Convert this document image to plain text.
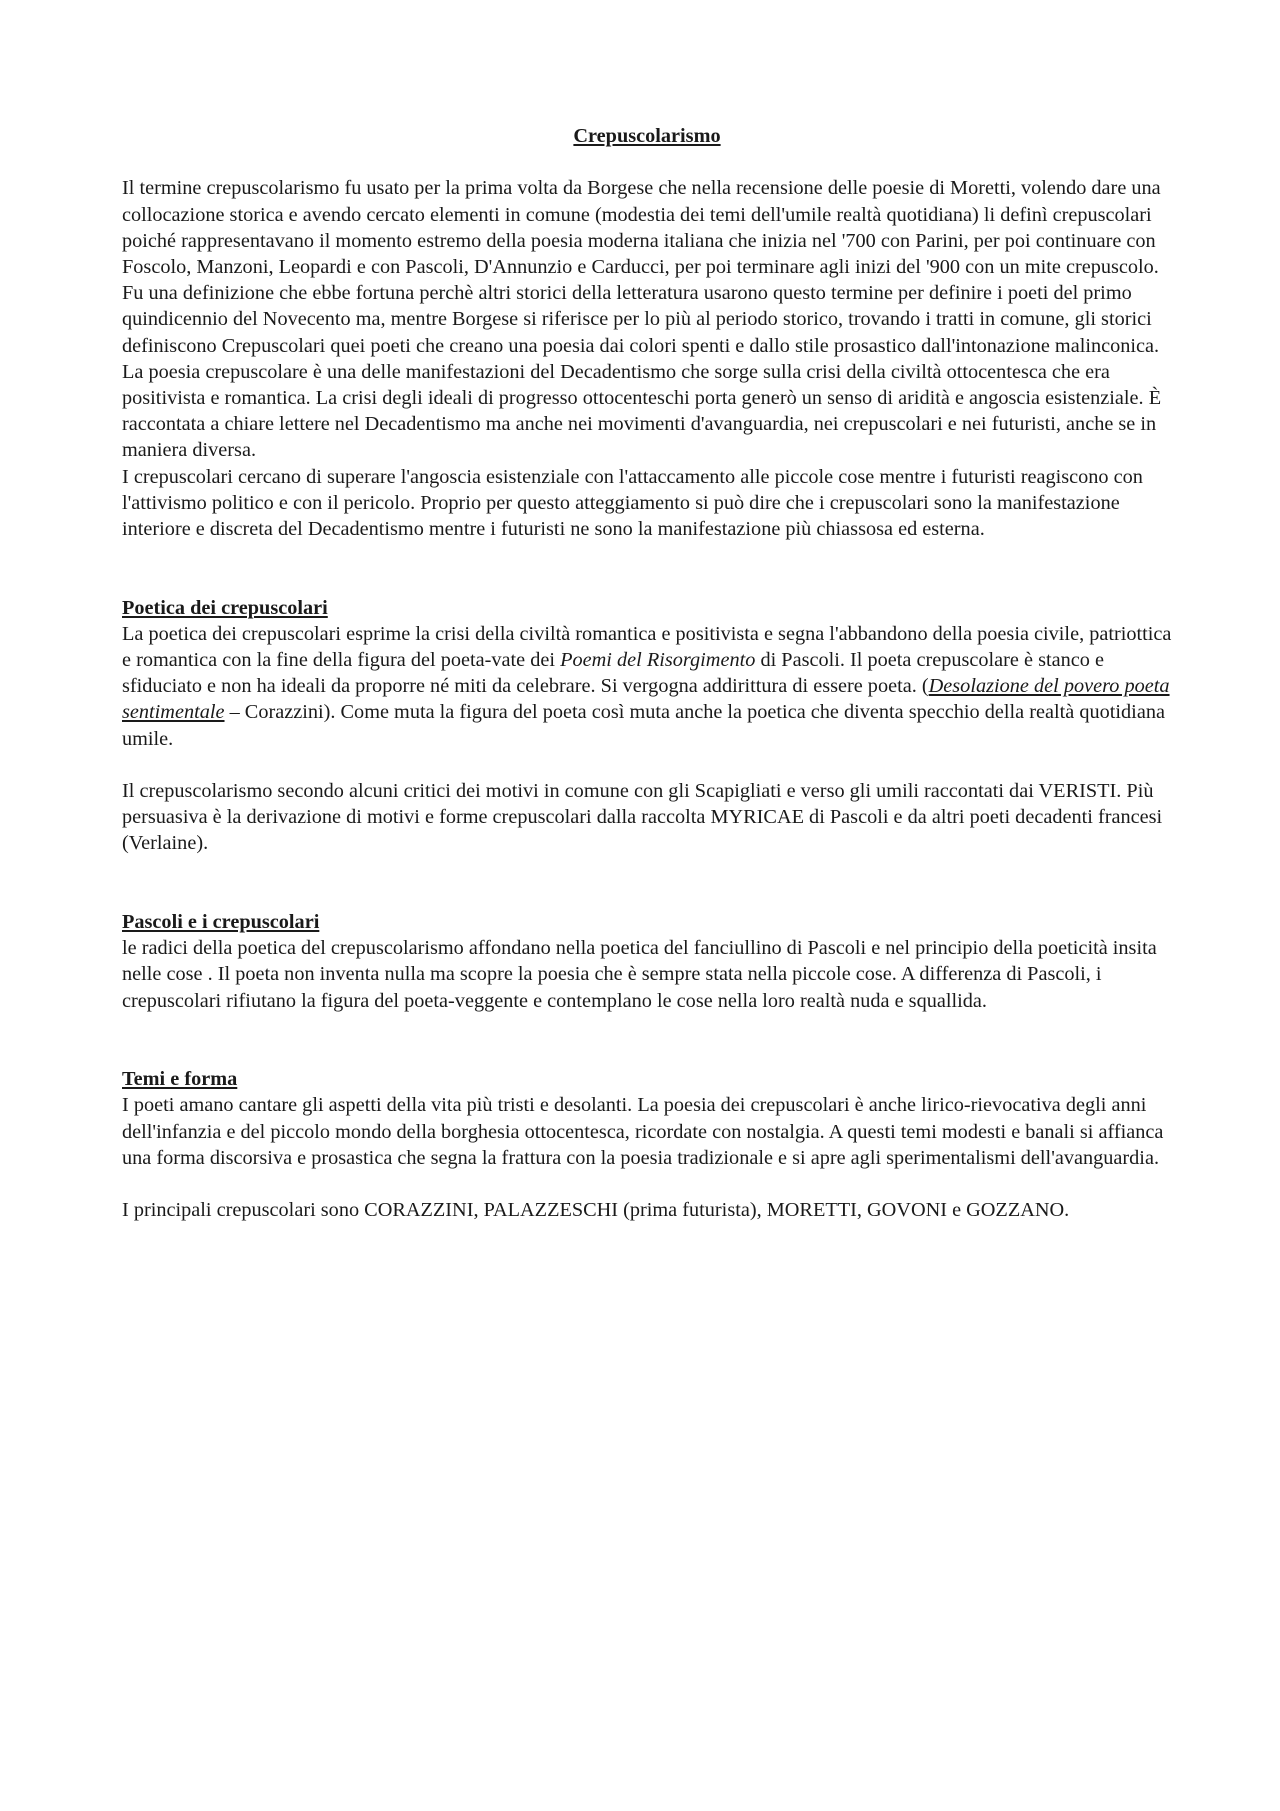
Crepuscolarismo

Il termine crepuscolarismo fu usato per la prima volta da Borgese che nella recensione delle poesie di Moretti, volendo dare una collocazione storica e avendo cercato elementi in comune (modestia dei temi dell'umile realtà quotidiana) li definì crepuscolari poiché rappresentavano il momento estremo della poesia moderna italiana che inizia nel '700 con Parini, per poi continuare con Foscolo, Manzoni, Leopardi e con Pascoli, D'Annunzio e Carducci, per poi terminare agli inizi del '900 con un mite crepuscolo. Fu una definizione che ebbe fortuna perchè altri storici della letteratura usarono questo termine per definire i poeti del primo quindicennio del Novecento ma, mentre Borgese si riferisce per lo più al periodo storico, trovando i tratti in comune, gli storici definiscono Crepuscolari quei poeti che creano una poesia dai colori spenti e dallo stile prosastico dall'intonazione malinconica. La poesia crepuscolare è una delle manifestazioni del Decadentismo che sorge sulla crisi della civiltà ottocentesca che era positivista e romantica. La crisi degli ideali di progresso ottocenteschi porta generò un senso di aridità e angoscia esistenziale. È raccontata a chiare lettere nel Decadentismo ma anche nei movimenti d'avanguardia, nei crepuscolari e nei futuristi, anche se in maniera diversa.

I crepuscolari cercano di superare l'angoscia esistenziale con l'attaccamento alle piccole cose mentre i futuristi reagiscono con l'attivismo politico e con il pericolo. Proprio per questo atteggiamento si può dire che i crepuscolari sono la manifestazione interiore e discreta del Decadentismo mentre i futuristi ne sono la manifestazione più chiassosa ed esterna.

Poetica dei crepuscolari

La poetica dei crepuscolari esprime la crisi della civiltà romantica e positivista e segna l'abbandono della poesia civile, patriottica e romantica con la fine della figura del poeta-vate dei Poemi del Risorgimento di Pascoli. Il poeta crepuscolare è stanco e sfiduciato e non ha ideali da proporre né miti da celebrare. Si vergogna addirittura di essere poeta. (Desolazione del povero poeta sentimentale – Corazzini). Come muta la figura del poeta così muta anche la poetica che diventa specchio della realtà quotidiana umile.

Il crepuscolarismo secondo alcuni critici dei motivi in comune con gli Scapigliati e verso gli umili raccontati dai VERISTI. Più persuasiva è la derivazione di motivi e forme crepuscolari dalla raccolta MYRICAE di Pascoli e da altri poeti decadenti francesi (Verlaine).

Pascoli e i crepuscolari

le radici della poetica del crepuscolarismo affondano nella poetica del fanciullino di Pascoli e nel principio della poeticità insita nelle cose . Il poeta non inventa nulla ma scopre la poesia che è sempre stata nella piccole cose. A differenza di Pascoli, i crepuscolari rifiutano la figura del poeta-veggente e contemplano le cose nella loro realtà nuda e squallida.

Temi e forma

I poeti amano cantare gli aspetti della vita più tristi e desolanti. La poesia dei crepuscolari è anche lirico-rievocativa degli anni dell'infanzia e del piccolo mondo della borghesia ottocentesca, ricordate con nostalgia. A questi temi modesti e banali si affianca una forma discorsiva e prosastica che segna la frattura con la poesia tradizionale e si apre agli sperimentalismi dell'avanguardia.

I principali crepuscolari sono CORAZZINI, PALAZZESCHI (prima futurista), MORETTI, GOVONI e GOZZANO.
